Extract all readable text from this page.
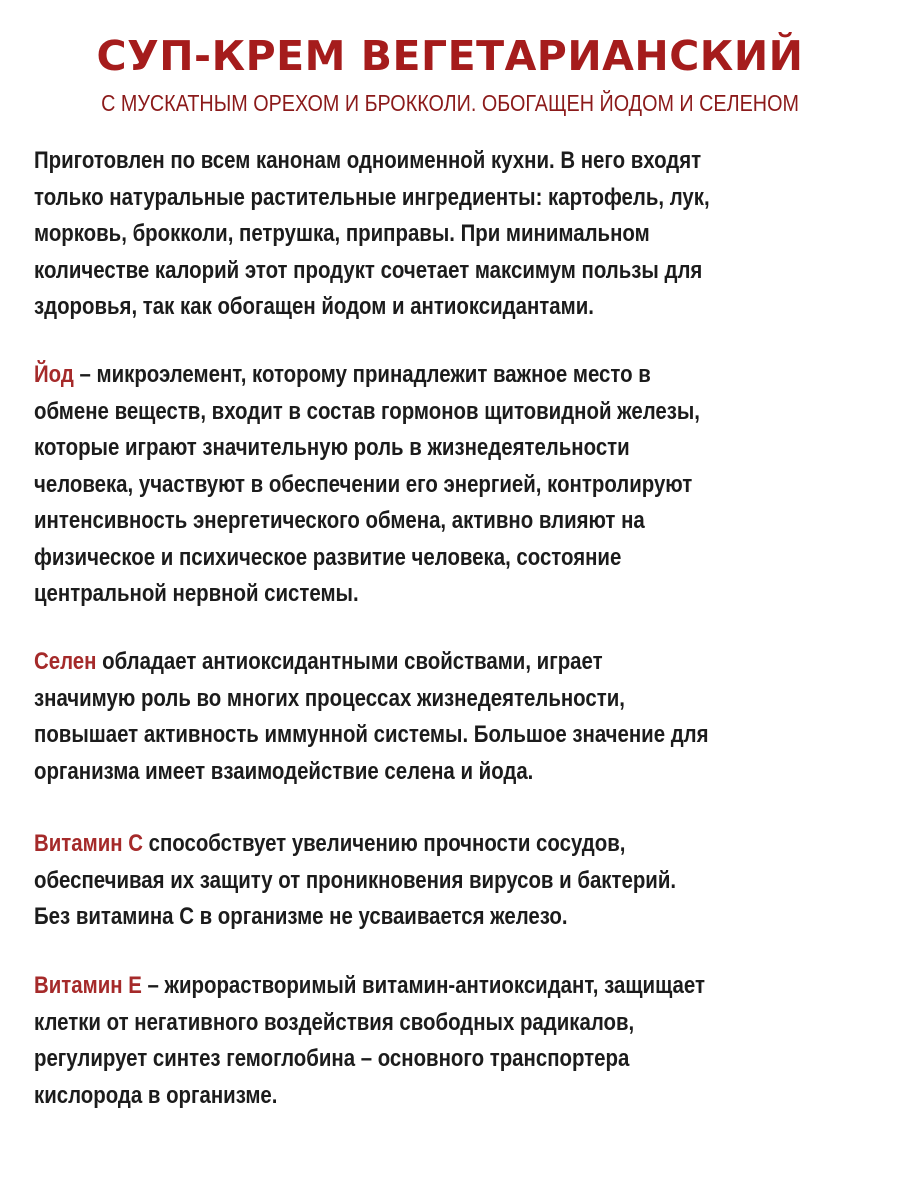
СУП-КРЕМ ВЕГЕТАРИАНСКИЙ
С МУСКАТНЫМ ОРЕХОМ И БРОККОЛИ. ОБОГАЩЕН ЙОДОМ И СЕЛЕНОМ
Приготовлен по всем канонам одноименной кухни. В него входят
только натуральные растительные ингредиенты: картофель, лук,
морковь, брокколи, петрушка, приправы. При минимальном
количестве калорий этот продукт сочетает максимум пользы для
здоровья, так как обогащен йодом и антиоксидантами.
Йод – микроэлемент, которому принадлежит важное место в
обмене веществ, входит в состав гормонов щитовидной железы,
которые играют значительную роль в жизнедеятельности
человека, участвуют в обеспечении его энергией, контролируют
интенсивность энергетического обмена, активно влияют на
физическое и психическое развитие человека, состояние
центральной нервной системы.
Селен обладает антиоксидантными свойствами, играет
значимую роль во многих процессах жизнедеятельности,
повышает активность иммунной системы. Большое значение для
организма имеет взаимодействие селена и йода.
Витамин С способствует увеличению прочности сосудов,
обеспечивая их защиту от проникновения вирусов и бактерий.
Без витамина С в организме не усваивается железо.
Витамин Е – жирорастворимый витамин-антиоксидант, защищает
клетки от негативного воздействия свободных радикалов,
регулирует синтез гемоглобина – основного транспортера
кислорода в организме.
